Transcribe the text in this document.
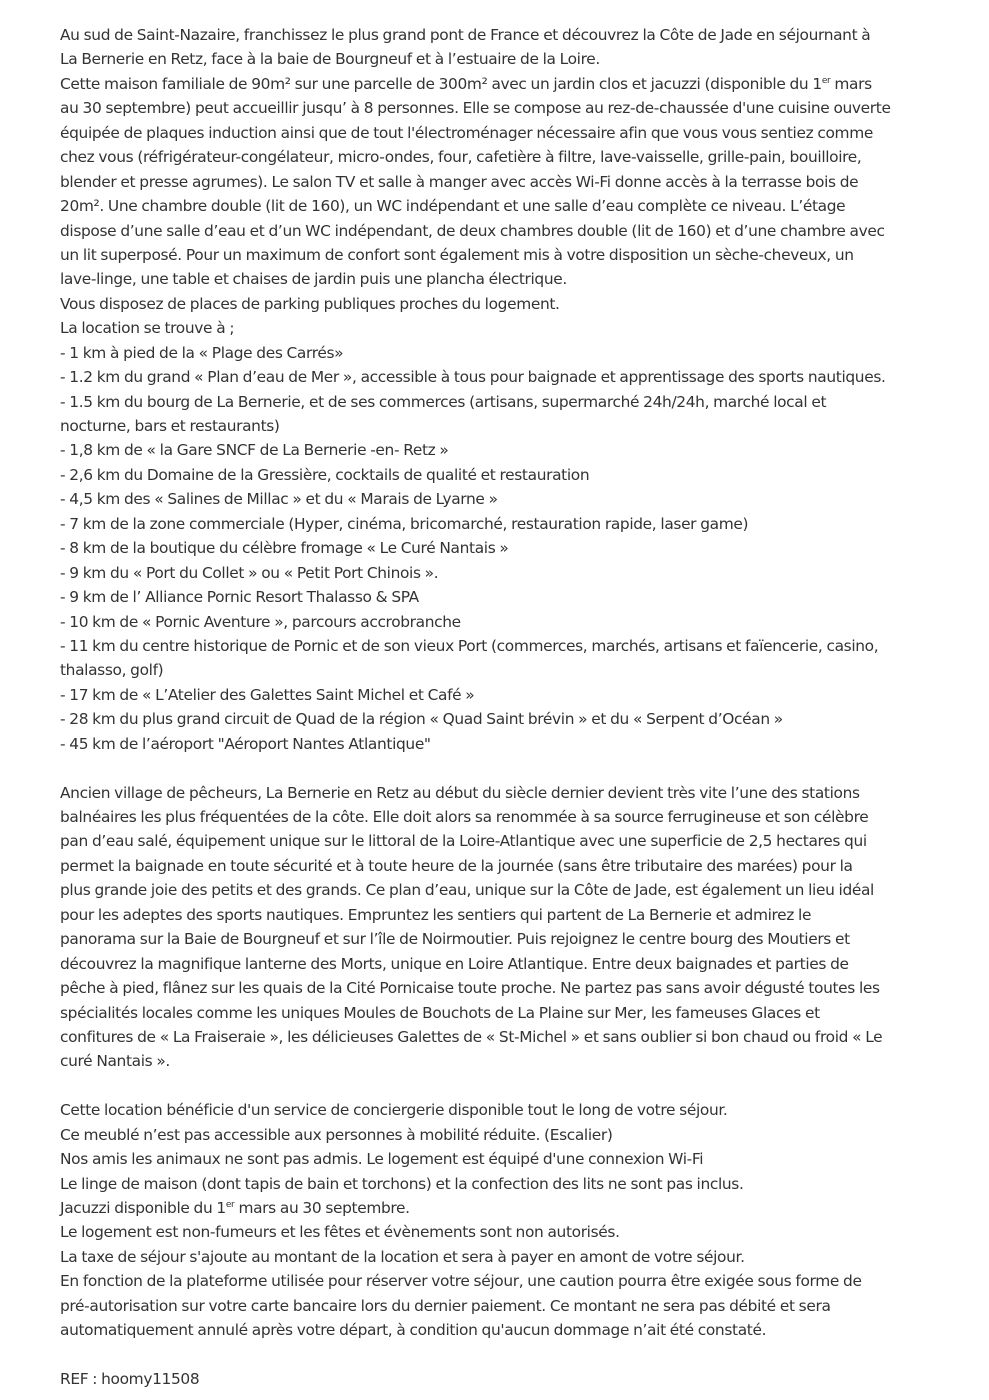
Au sud de Saint-Nazaire, franchissez le plus grand pont de France et découvrez la Côte de Jade en séjournant à
La Bernerie en Retz, face à la baie de Bourgneuf et à l’estuaire de la Loire.
Cette maison familiale de 90m² sur une parcelle de 300m² avec un jardin clos et jacuzzi (disponible du 1er mars
au 30 septembre) peut accueillir jusqu’ à 8 personnes. Elle se compose au rez-de-chaussée d'une cuisine ouverte
équipée de plaques induction ainsi que de tout l'électroménager nécessaire afin que vous vous sentiez comme
chez vous (réfrigérateur-congélateur, micro-ondes, four, cafetière à filtre, lave-vaisselle, grille-pain, bouilloire,
blender et presse agrumes). Le salon TV et salle à manger avec accès Wi-Fi donne accès à la terrasse bois de
20m². Une chambre double (lit de 160), un WC indépendant et une salle d’eau complète ce niveau. L’étage
dispose d’une salle d’eau et d’un WC indépendant, de deux chambres double (lit de 160) et d’une chambre avec
un lit superposé. Pour un maximum de confort sont également mis à votre disposition un sèche-cheveux, un
lave-linge, une table et chaises de jardin puis une plancha électrique.
Vous disposez de places de parking publiques proches du logement.
La location se trouve à ;
- 1 km à pied de la « Plage des Carrés»
- 1.2 km du grand « Plan d’eau de Mer », accessible à tous pour baignade et apprentissage des sports nautiques.
- 1.5 km du bourg de La Bernerie, et de ses commerces (artisans, supermarché 24h/24h, marché local et
nocturne, bars et restaurants)
- 1,8 km de « la Gare SNCF de La Bernerie -en- Retz »
- 2,6 km du Domaine de la Gressière, cocktails de qualité et restauration
- 4,5 km des « Salines de Millac » et du « Marais de Lyarne »
- 7 km de la zone commerciale (Hyper, cinéma, bricomarché, restauration rapide, laser game)
- 8 km de la boutique du célèbre fromage « Le Curé Nantais »
- 9 km du « Port du Collet » ou « Petit Port Chinois ».
- 9 km de l’ Alliance Pornic Resort Thalasso & SPA
- 10 km de « Pornic Aventure », parcours accrobranche
- 11 km du centre historique de Pornic et de son vieux Port (commerces, marchés, artisans et faïencerie, casino,
thalasso, golf)
- 17 km de « L’Atelier des Galettes Saint Michel et Café »
- 28 km du plus grand circuit de Quad de la région « Quad Saint brévin » et du « Serpent d’Océan »
- 45 km de l’aéroport "Aéroport Nantes Atlantique"
Ancien village de pêcheurs, La Bernerie en Retz au début du siècle dernier devient très vite l’une des stations
balnéaires les plus fréquentées de la côte. Elle doit alors sa renommée à sa source ferrugineuse et son célèbre
pan d’eau salé, équipement unique sur le littoral de la Loire-Atlantique avec une superficie de 2,5 hectares qui
permet la baignade en toute sécurité et à toute heure de la journée (sans être tributaire des marées) pour la
plus grande joie des petits et des grands. Ce plan d’eau, unique sur la Côte de Jade, est également un lieu idéal
pour les adeptes des sports nautiques. Empruntez les sentiers qui partent de La Bernerie et admirez le
panorama sur la Baie de Bourgneuf et sur l’île de Noirmoutier. Puis rejoignez le centre bourg des Moutiers et
découvrez la magnifique lanterne des Morts, unique en Loire Atlantique. Entre deux baignades et parties de
pêche à pied, flânez sur les quais de la Cité Pornicaise toute proche. Ne partez pas sans avoir dégusté toutes les
spécialités locales comme les uniques Moules de Bouchots de La Plaine sur Mer, les fameuses Glaces et
confitures de « La Fraiseraie », les délicieuses Galettes de « St-Michel » et sans oublier si bon chaud ou froid « Le
curé Nantais ».
Cette location bénéficie d'un service de conciergerie disponible tout le long de votre séjour.
Ce meublé n’est pas accessible aux personnes à mobilité réduite. (Escalier)
Nos amis les animaux ne sont pas admis. Le logement est équipé d'une connexion Wi-Fi
Le linge de maison (dont tapis de bain et torchons) et la confection des lits ne sont pas inclus.
Jacuzzi disponible du 1er mars au 30 septembre.
Le logement est non-fumeurs et les fêtes et évènements sont non autorisés.
La taxe de séjour s'ajoute au montant de la location et sera à payer en amont de votre séjour.
En fonction de la plateforme utilisée pour réserver votre séjour, une caution pourra être exigée sous forme de
pré-autorisation sur votre carte bancaire lors du dernier paiement. Ce montant ne sera pas débité et sera
automatiquement annulé après votre départ, à condition qu'aucun dommage n’ait été constaté.
REF : hoomy11508
